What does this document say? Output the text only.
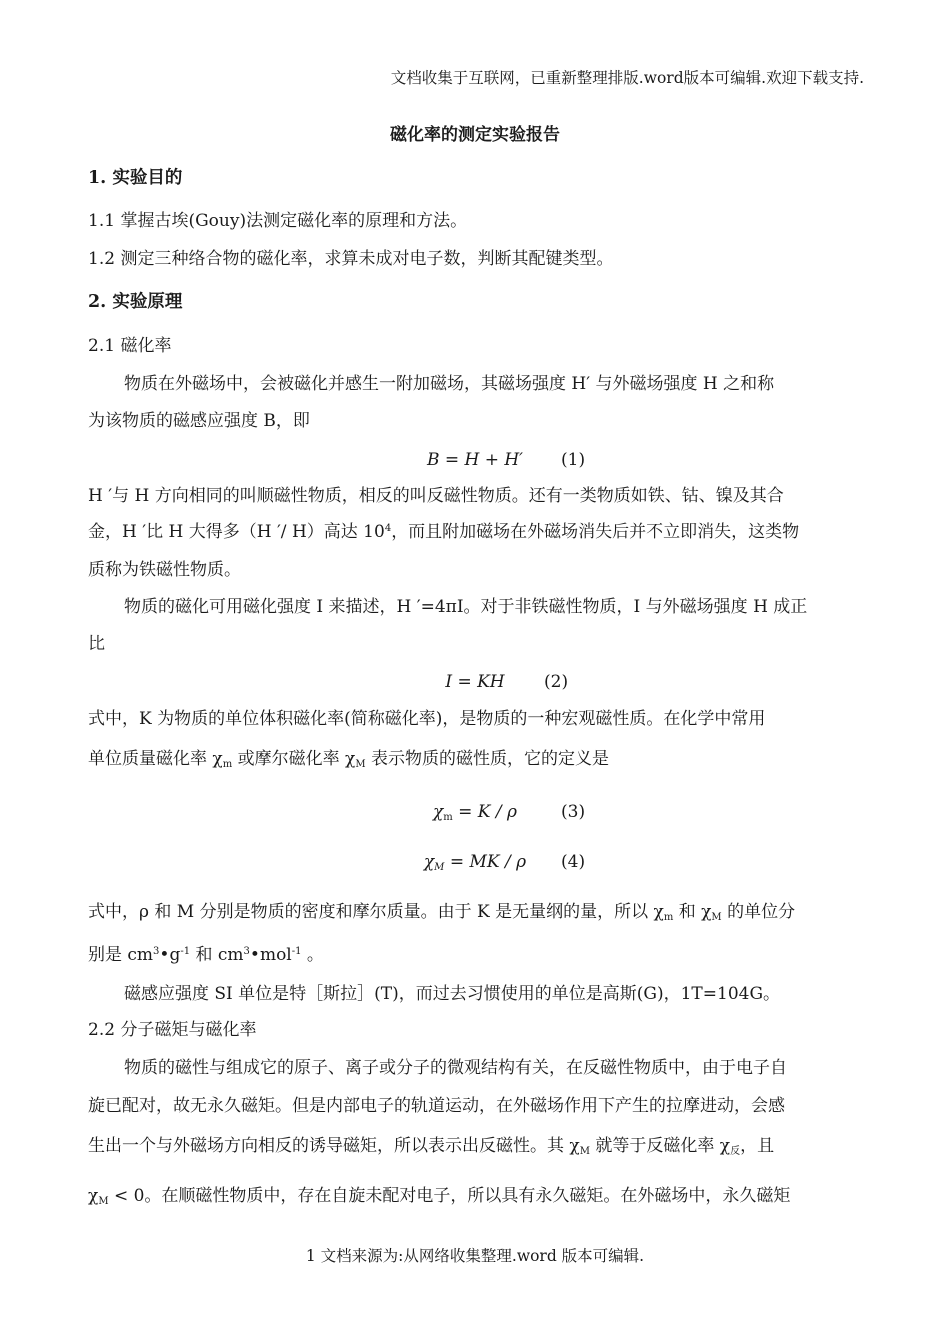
文档收集于互联网，已重新整理排版.word版本可编辑.欢迎下载支持.
磁化率的测定实验报告
1. 实验目的
1.1 掌握古埃(Gouy)法测定磁化率的原理和方法。
1.2 测定三种络合物的磁化率，求算未成对电子数，判断其配键类型。
2. 实验原理
2.1 磁化率
物质在外磁场中，会被磁化并感生一附加磁场，其磁场强度 H′ 与外磁场强度 H 之和称
为该物质的磁感应强度 B，即
B = H + H′	(1)
H ′与 H 方向相同的叫顺磁性物质，相反的叫反磁性物质。还有一类物质如铁、钴、镍及其合
金，H ′比 H 大得多（H ′/ H）高达 $10^4$，而且附加磁场在外磁场消失后并不立即消失，这类物
质称为铁磁性物质。
物质的磁化可用磁化强度 I 来描述，H ′=4πI。对于非铁磁性物质，I 与外磁场强度 H 成正
比
I = KH	(2)
式中，K 为物质的单位体积磁化率(简称磁化率)，是物质的一种宏观磁性质。在化学中常用
单位质量磁化率 $\chi_m$ 或摩尔磁化率 $\chi_M$ 表示物质的磁性质，它的定义是
$\chi_m = K / \rho$	(3)
$\chi_M$ = MK / ρ	(4)
式中，ρ 和 M 分别是物质的密度和摩尔质量。由于 K 是无量纲的量，所以 $\chi_m$ 和 $\chi_M$ 的单位分
别是 $cm^3•g^{-1}$ 和 $cm^3•mol^{-1}$ 。
磁感应强度 SI 单位是特［斯拉］(T)，而过去习惯使用的单位是高斯(G)，1T=104G。
2.2 分子磁矩与磁化率
物质的磁性与组成它的原子、离子或分子的微观结构有关，在反磁性物质中，由于电子自
旋已配对，故无永久磁矩。但是内部电子的轨道运动，在外磁场作用下产生的拉摩进动，会感
生出一个与外磁场方向相反的诱导磁矩，所以表示出反磁性。其 $\chi_M$ 就等于反磁化率 $\chi_反$，且
$\chi_M < 0$。在顺磁性物质中，存在自旋未配对电子，所以具有永久磁矩。在外磁场中，永久磁矩
1 文档来源为:从网络收集整理.word 版本可编辑.
